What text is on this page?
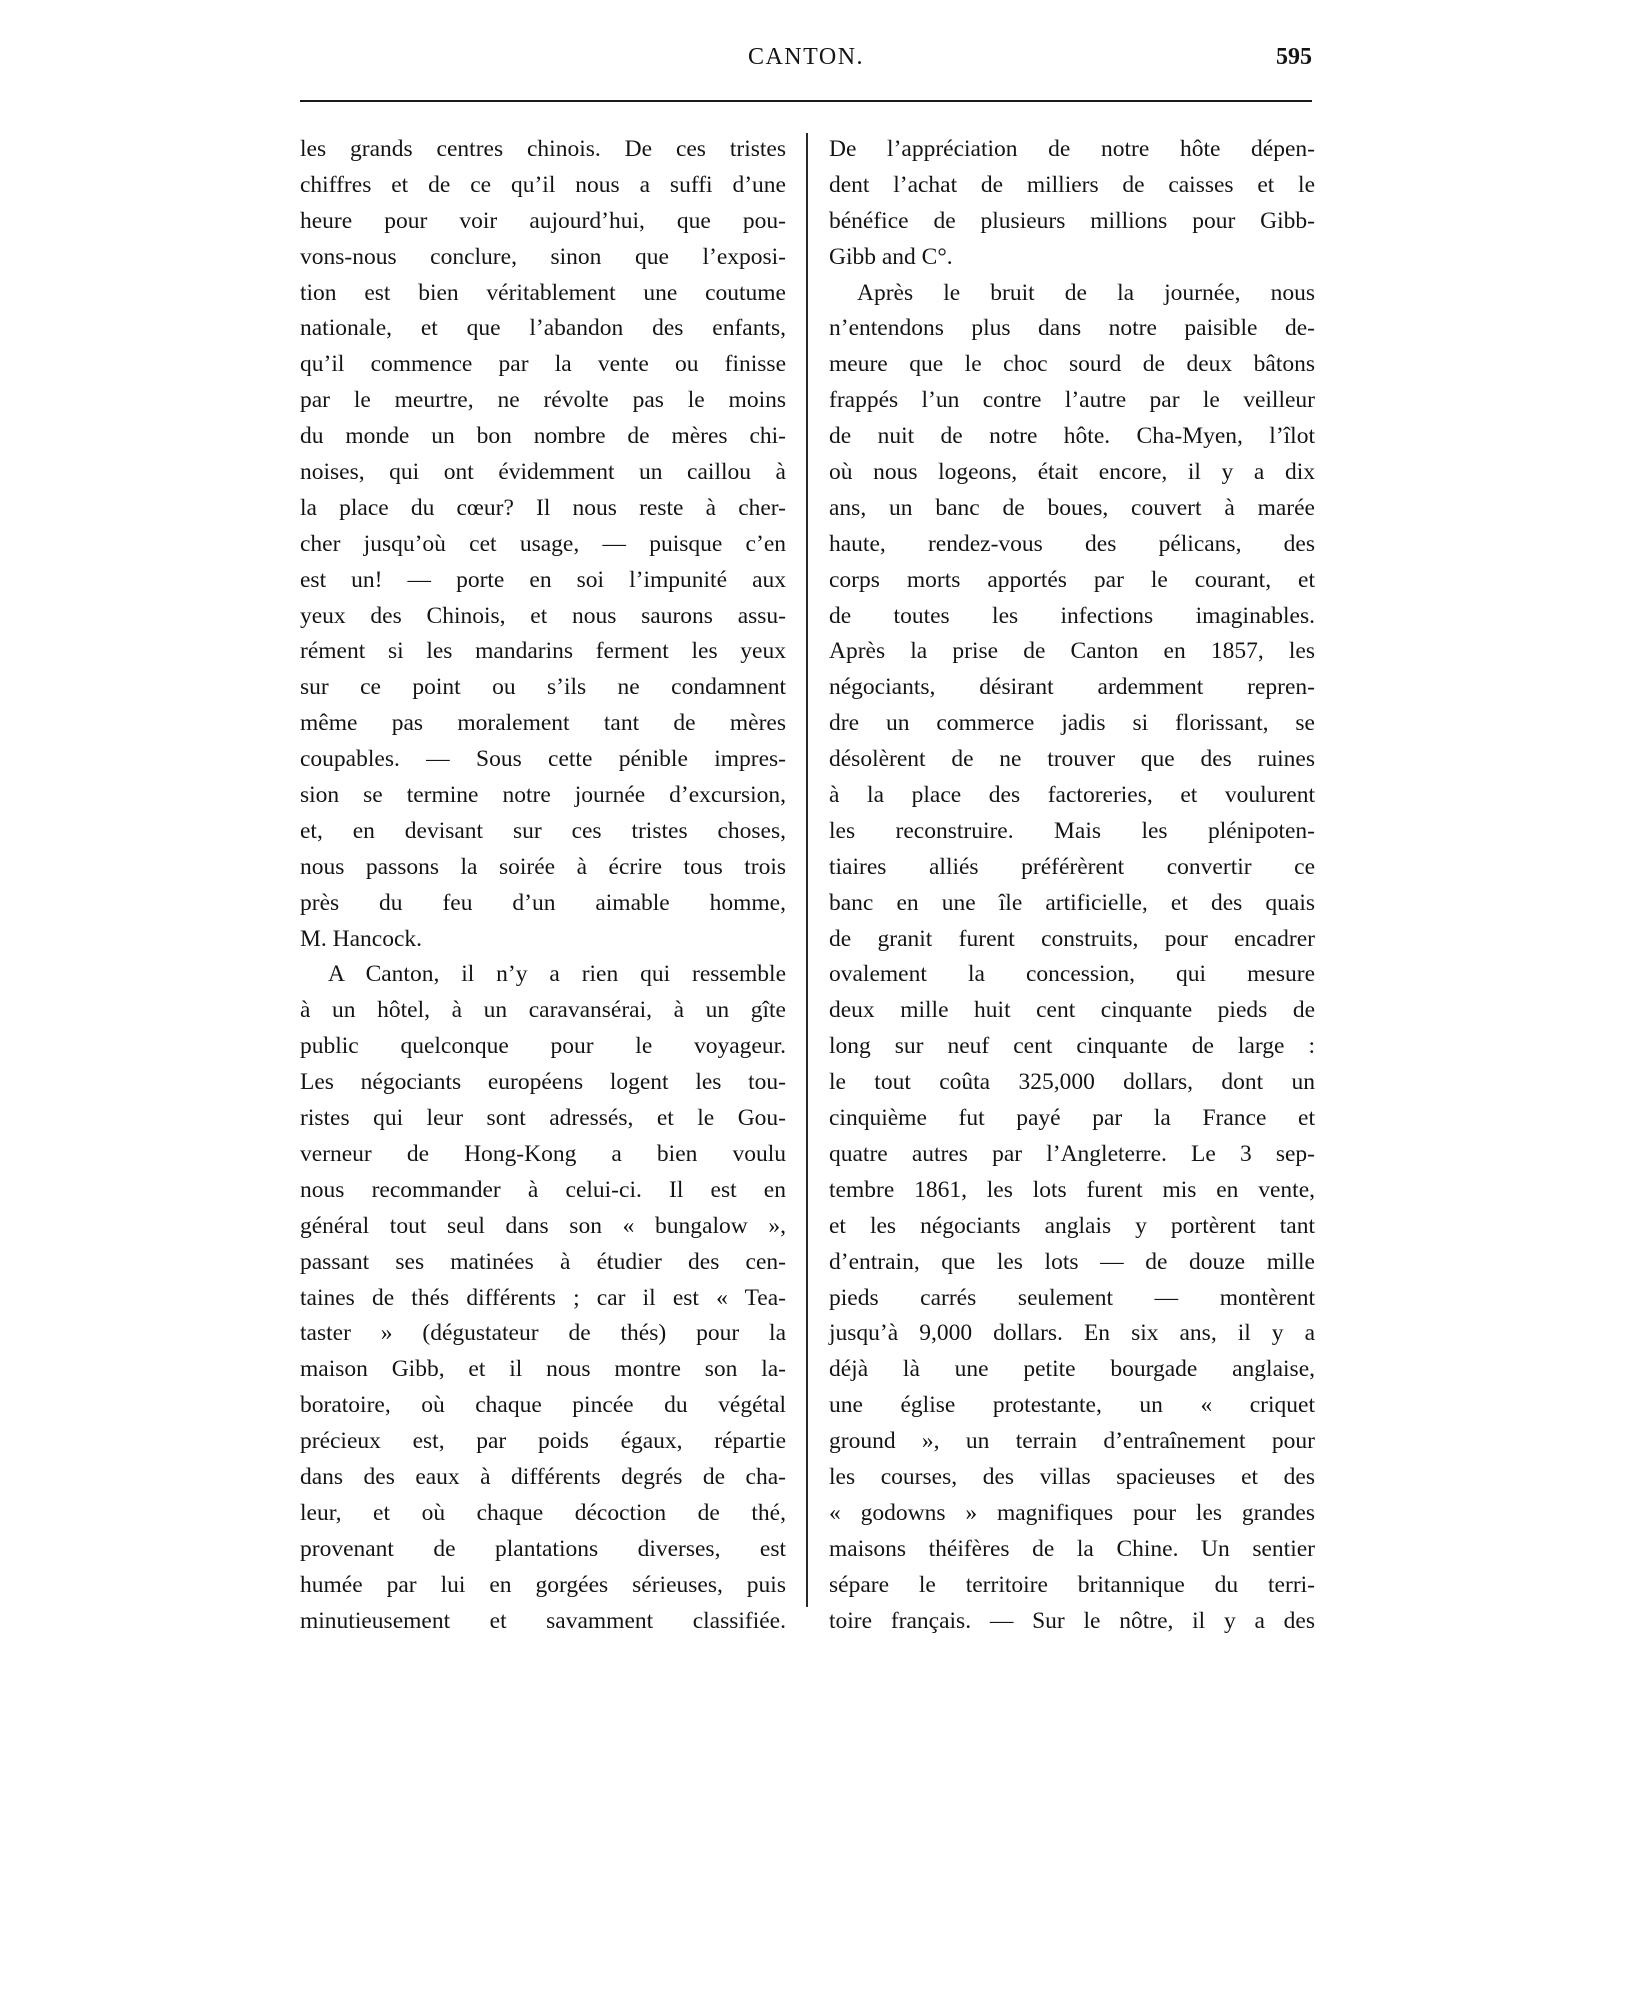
CANTON.	595
les grands centres chinois. De ces tristes
chiffres et de ce qu’il nous a suffi d’une
heure pour voir aujourd’hui, que pou-
vons-nous conclure, sinon que l’exposi-
tion est bien véritablement une coutume
nationale, et que l’abandon des enfants,
qu’il commence par la vente ou finisse
par le meurtre, ne révolte pas le moins
du monde un bon nombre de mères chi-
noises, qui ont évidemment un caillou à
la place du cœur? Il nous reste à cher-
cher jusqu’où cet usage, — puisque c’en
est un! — porte en soi l’impunité aux
yeux des Chinois, et nous saurons assu-
rément si les mandarins ferment les yeux
sur ce point ou s’ils ne condamnent
même pas moralement tant de mères
coupables. — Sous cette pénible impres-
sion se termine notre journée d’excursion,
et, en devisant sur ces tristes choses,
nous passons la soirée à écrire tous trois
près du feu d’un aimable homme,
M. Hancock.
A Canton, il n’y a rien qui ressemble
à un hôtel, à un caravansérai, à un gîte
public quelconque pour le voyageur.
Les négociants européens logent les tou-
ristes qui leur sont adressés, et le Gou-
verneur de Hong-Kong a bien voulu
nous recommander à celui-ci. Il est en
général tout seul dans son « bungalow »,
passant ses matinées à étudier des cen-
taines de thés différents ; car il est « Tea-
taster » (dégustateur de thés) pour la
maison Gibb, et il nous montre son la-
boratoire, où chaque pincée du végétal
précieux est, par poids égaux, répartie
dans des eaux à différents degrés de cha-
leur, et où chaque décoction de thé,
provenant de plantations diverses, est
humée par lui en gorgées sérieuses, puis
minutieusement et savamment classifiée.
De l’appréciation de notre hôte dépen-
dent l’achat de milliers de caisses et le
bénéfice de plusieurs millions pour Gibb-
Gibb and C°.
Après le bruit de la journée, nous
n’entendons plus dans notre paisible de-
meure que le choc sourd de deux bâtons
frappés l’un contre l’autre par le veilleur
de nuit de notre hôte. Cha-Myen, l’îlot
où nous logeons, était encore, il y a dix
ans, un banc de boues, couvert à marée
haute, rendez-vous des pélicans, des
corps morts apportés par le courant, et
de toutes les infections imaginables.
Après la prise de Canton en 1857, les
négociants, désirant ardemment repren-
dre un commerce jadis si florissant, se
désolèrent de ne trouver que des ruines
à la place des factoreries, et voulurent
les reconstruire. Mais les plénipoten-
tiaires alliés préférèrent convertir ce
banc en une île artificielle, et des quais
de granit furent construits, pour encadrer
ovalement la concession, qui mesure
deux mille huit cent cinquante pieds de
long sur neuf cent cinquante de large :
le tout coûta 325,000 dollars, dont un
cinquième fut payé par la France et
quatre autres par l’Angleterre. Le 3 sep-
tembre 1861, les lots furent mis en vente,
et les négociants anglais y portèrent tant
d’entrain, que les lots — de douze mille
pieds carrés seulement — montèrent
jusqu’à 9,000 dollars. En six ans, il y a
déjà là une petite bourgade anglaise,
une église protestante, un « criquet
ground », un terrain d’entraînement pour
les courses, des villas spacieuses et des
« godowns » magnifiques pour les grandes
maisons théifères de la Chine. Un sentier
sépare le territoire britannique du terri-
toire français. — Sur le nôtre, il y a des
